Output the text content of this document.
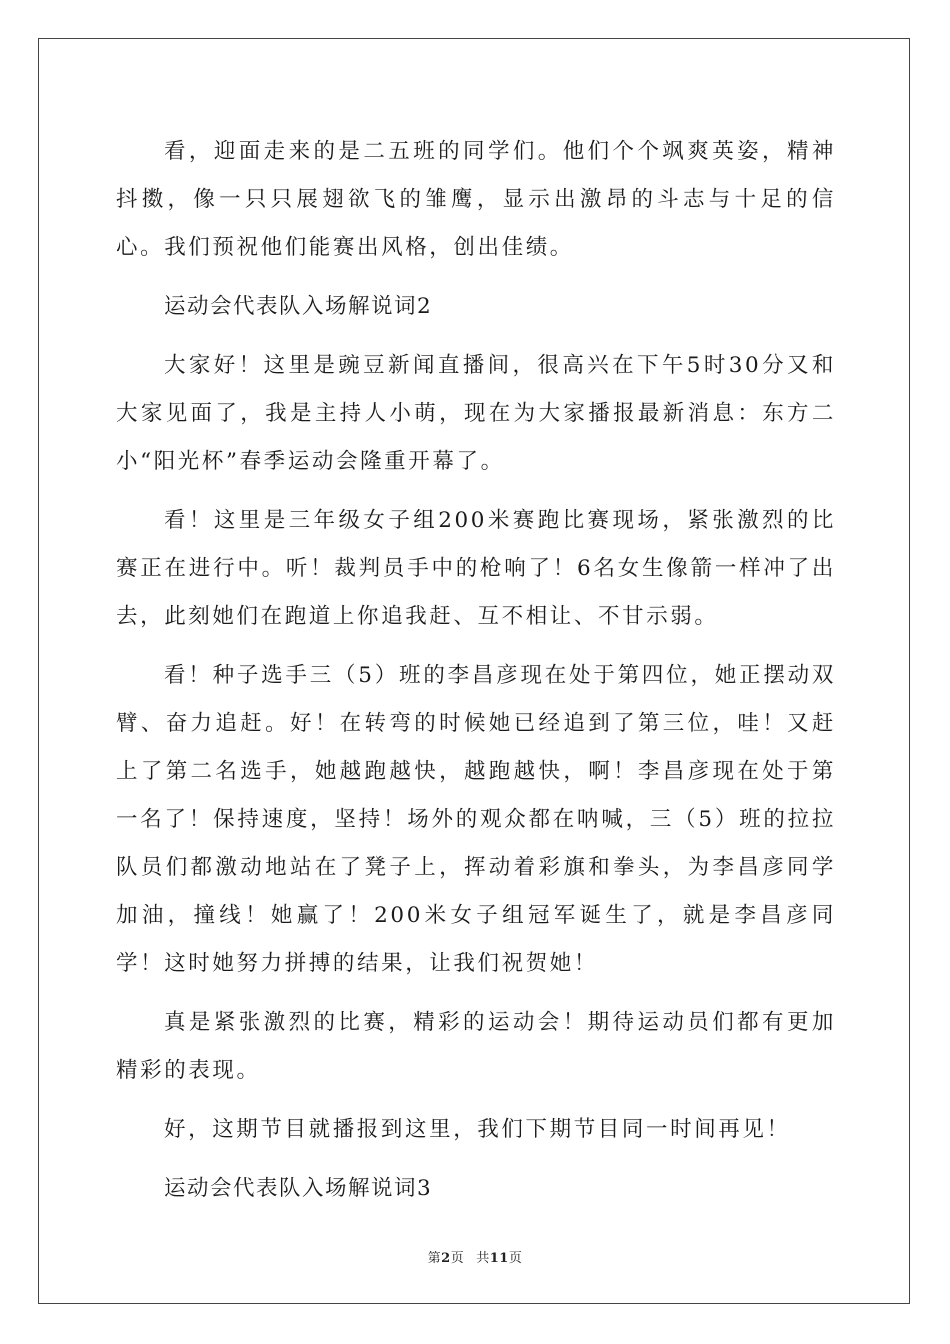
看，迎面走来的是二五班的同学们。他们个个飒爽英姿，精神抖擞，像一只只展翅欲飞的雏鹰，显示出激昂的斗志与十足的信心。我们预祝他们能赛出风格，创出佳绩。

运动会代表队入场解说词2

大家好！这里是豌豆新闻直播间，很高兴在下午5时30分又和大家见面了，我是主持人小萌，现在为大家播报最新消息：东方二小“阳光杯”春季运动会隆重开幕了。

看！这里是三年级女子组200米赛跑比赛现场，紧张激烈的比赛正在进行中。听！裁判员手中的枪响了！6名女生像箭一样冲了出去，此刻她们在跑道上你追我赶、互不相让、不甘示弱。

看！种子选手三（5）班的李昌彦现在处于第四位，她正摆动双臂、奋力追赶。好！在转弯的时候她已经追到了第三位，哇！又赶上了第二名选手，她越跑越快，越跑越快，啊！李昌彦现在处于第一名了！保持速度，坚持！场外的观众都在呐喊，三（5）班的拉拉队员们都激动地站在了凳子上，挥动着彩旗和拳头，为李昌彦同学加油，撞线！她赢了！200米女子组冠军诞生了，就是李昌彦同学！这时她努力拼搏的结果，让我们祝贺她！

真是紧张激烈的比赛，精彩的运动会！期待运动员们都有更加精彩的表现。

好，这期节目就播报到这里，我们下期节目同一时间再见！

运动会代表队入场解说词3

第2页 共11页
